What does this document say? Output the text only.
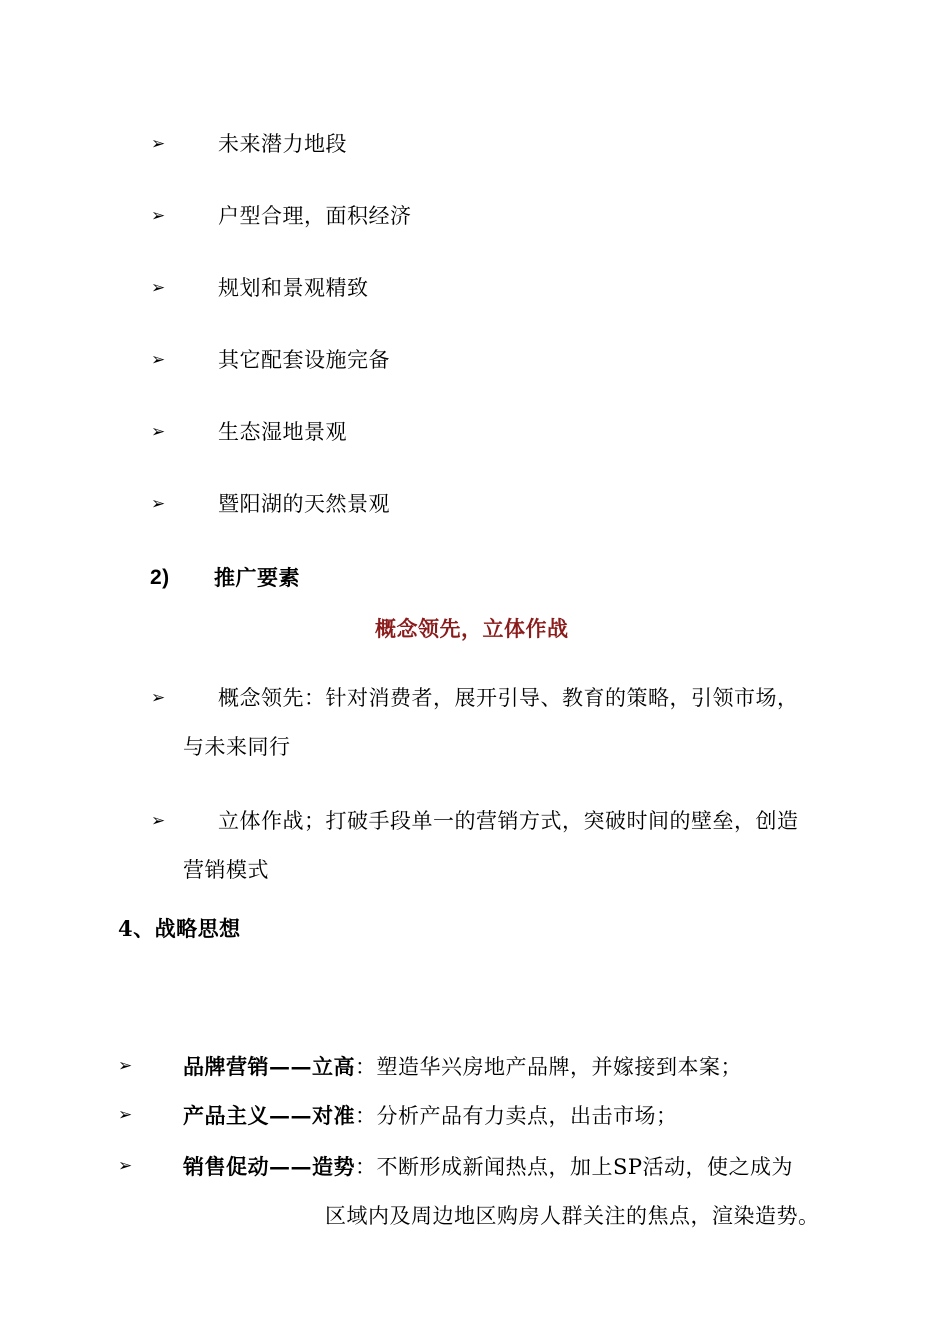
➢	未来潜力地段
➢	户型合理，面积经济
➢	规划和景观精致
➢	其它配套设施完备
➢	生态湿地景观
➢	暨阳湖的天然景观
2) 推广要素
概念领先，立体作战
➢	概念领先：针对消费者，展开引导、教育的策略，引领市场，
与未来同行
➢	立体作战；打破手段单一的营销方式，突破时间的壁垒，创造
营销模式
4、战略思想
➢ 品牌营销——立高：塑造华兴房地产品牌，并嫁接到本案；
➢ 产品主义——对准：分析产品有力卖点，出击市场；
➢ 销售促动——造势：不断形成新闻热点，加上SP活动，使之成为
区域内及周边地区购房人群关注的焦点，渲染造势。
